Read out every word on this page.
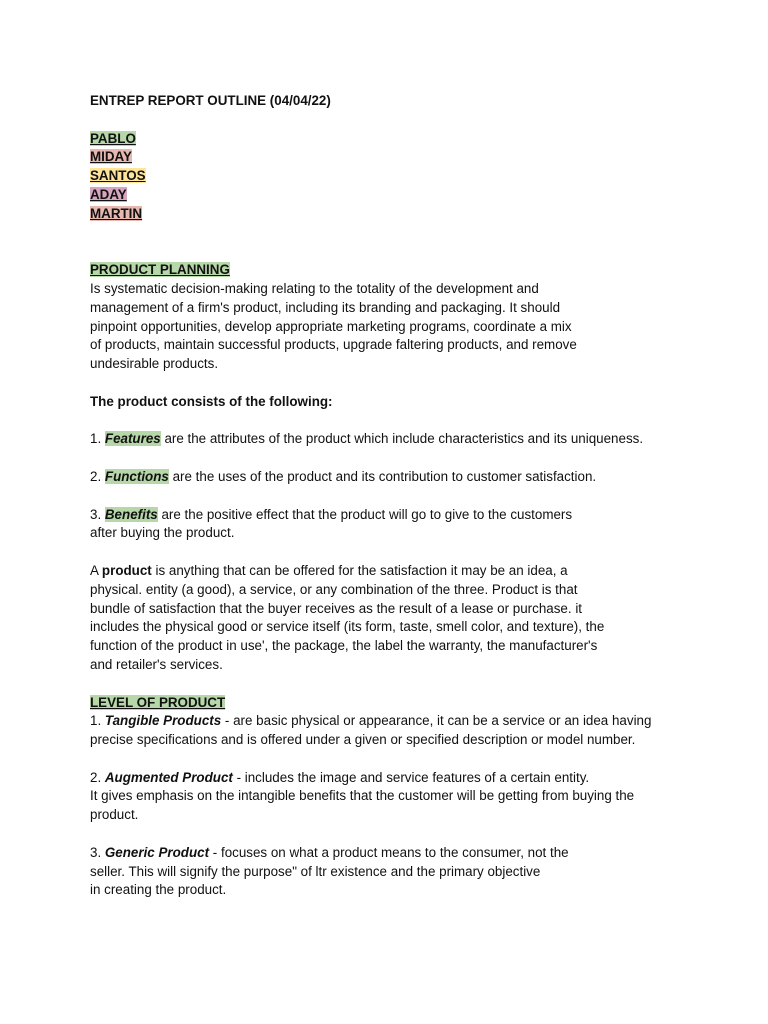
ENTREP REPORT OUTLINE (04/04/22)
PABLO
MIDAY
SANTOS
ADAY
MARTIN
PRODUCT PLANNING
Is systematic decision-making relating to the totality of the development and
management of a firm's product, including its branding and packaging. It should
pinpoint opportunities, develop appropriate marketing programs, coordinate a mix
of products, maintain successful products, upgrade faltering products, and remove
undesirable products.
The product consists of the following:
1. Features are the attributes of the product which include characteristics and its uniqueness.
2. Functions are the uses of the product and its contribution to customer satisfaction.
3. Benefits are the positive effect that the product will go to give to the customers
after buying the product.
A product is anything that can be offered for the satisfaction it may be an idea, a
physical. entity (a good), a service, or any combination of the three. Product is that
bundle of satisfaction that the buyer receives as the result of a lease or purchase. it
includes the physical good or service itself (its form, taste, smell color, and texture), the
function of the product in use', the package, the label the warranty, the manufacturer's
and retailer's services.
LEVEL OF PRODUCT
1. Tangible Products - are basic physical or appearance, it can be a service or an idea having
precise specifications and is offered under a given or specified description or model number.
2. Augmented Product - includes the image and service features of a certain entity.
It gives emphasis on the intangible benefits that the customer will be getting from buying the
product.
3. Generic Product - focuses on what a product means to the consumer, not the
seller. This will signify the purpose" of ltr existence and the primary objective
in creating the product.
